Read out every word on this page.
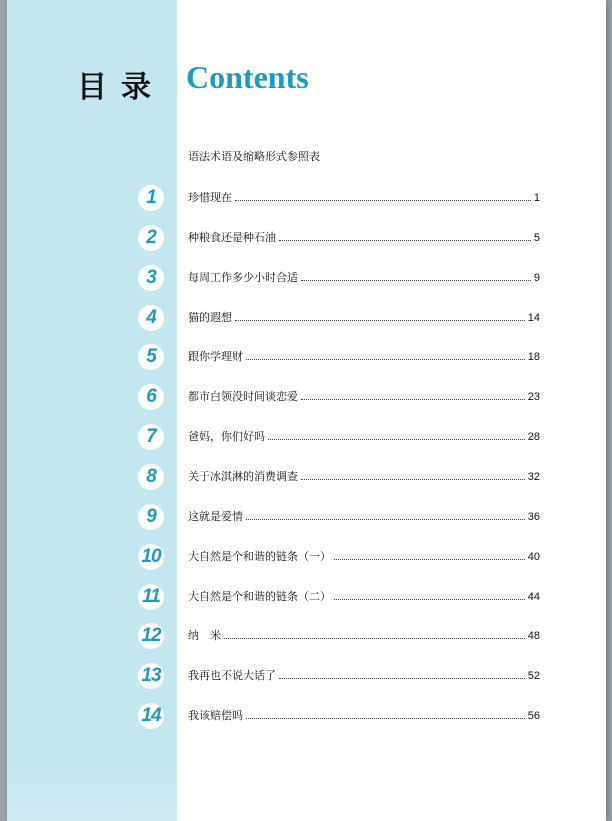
目录 Contents
语法术语及缩略形式参照表
1	珍惜现在	1
2	种粮食还是种石油	5
3	每周工作多少小时合适	9
4	猫的遐想	14
5	跟你学理财	18
6	都市白领没时间谈恋爱	23
7	爸妈，你们好吗	28
8	关于冰淇淋的消费调查	32
9	这就是爱情	36
10	大自然是个和谐的链条（一）	40
11	大自然是个和谐的链条（二）	44
12	纳　米	48
13	我再也不说大话了	52
14	我该赔偿吗	56
